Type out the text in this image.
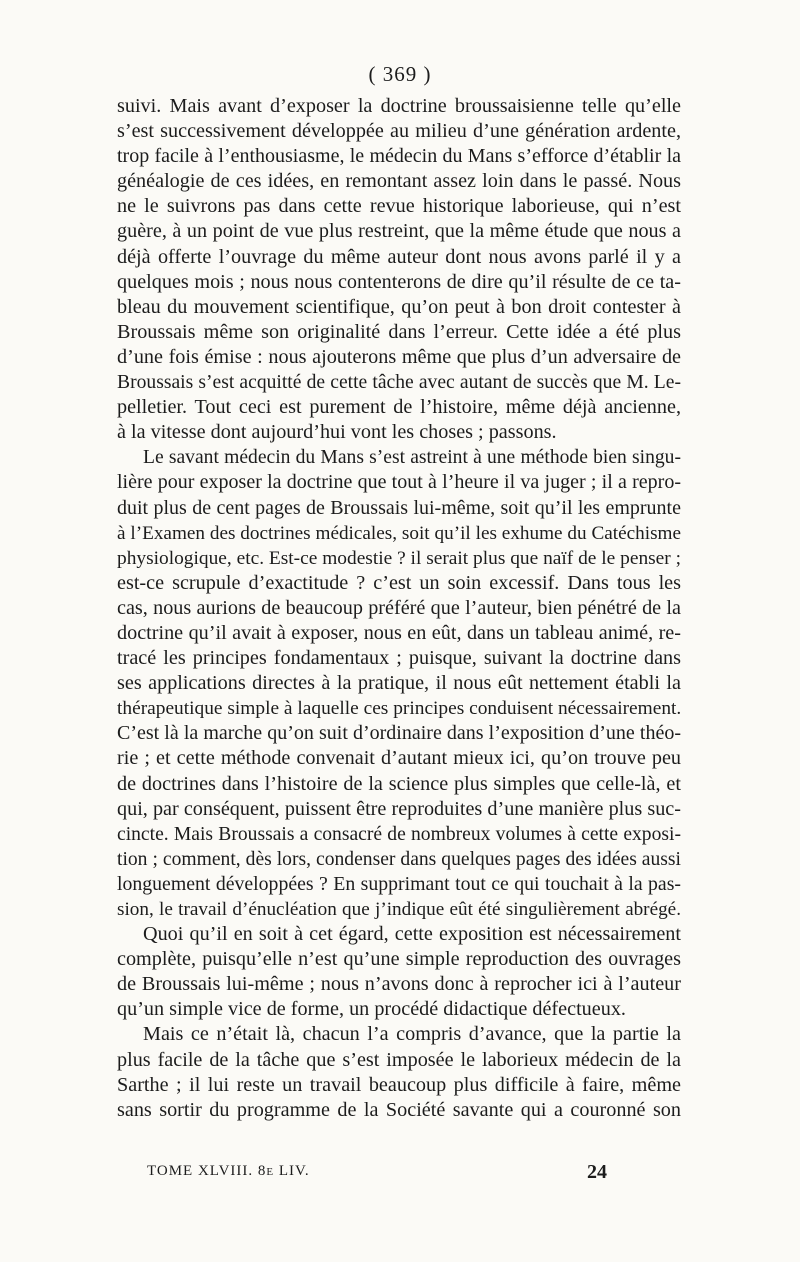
( 369 )
suivi. Mais avant d’exposer la doctrine broussaisienne telle qu’elle
s’est successivement développée au milieu d’une génération ardente,
trop facile à l’enthousiasme, le médecin du Mans s’efforce d’établir la
généalogie de ces idées, en remontant assez loin dans le passé. Nous
ne le suivrons pas dans cette revue historique laborieuse, qui n’est
guère, à un point de vue plus restreint, que la même étude que nous a
déjà offerte l’ouvrage du même auteur dont nous avons parlé il y a
quelques mois ; nous nous contenterons de dire qu’il résulte de ce ta-
bleau du mouvement scientifique, qu’on peut à bon droit contester à
Broussais même son originalité dans l’erreur. Cette idée a été plus
d’une fois émise : nous ajouterons même que plus d’un adversaire de
Broussais s’est acquitté de cette tâche avec autant de succès que M. Le-
pelletier. Tout ceci est purement de l’histoire, même déjà ancienne,
à la vitesse dont aujourd’hui vont les choses ; passons.
Le savant médecin du Mans s’est astreint à une méthode bien singu-
lière pour exposer la doctrine que tout à l’heure il va juger ; il a repro-
duit plus de cent pages de Broussais lui-même, soit qu’il les emprunte
à l’Examen des doctrines médicales, soit qu’il les exhume du Catéchisme
physiologique, etc. Est-ce modestie ? il serait plus que naïf de le penser ;
est-ce scrupule d’exactitude ? c’est un soin excessif. Dans tous les
cas, nous aurions de beaucoup préféré que l’auteur, bien pénétré de la
doctrine qu’il avait à exposer, nous en eût, dans un tableau animé, re-
tracé les principes fondamentaux ; puisque, suivant la doctrine dans
ses applications directes à la pratique, il nous eût nettement établi la
thérapeutique simple à laquelle ces principes conduisent nécessairement.
C’est là la marche qu’on suit d’ordinaire dans l’exposition d’une théo-
rie ; et cette méthode convenait d’autant mieux ici, qu’on trouve peu
de doctrines dans l’histoire de la science plus simples que celle-là, et
qui, par conséquent, puissent être reproduites d’une manière plus suc-
cincte. Mais Broussais a consacré de nombreux volumes à cette exposi-
tion ; comment, dès lors, condenser dans quelques pages des idées aussi
longuement développées ? En supprimant tout ce qui touchait à la pas-
sion, le travail d’énucléation que j’indique eût été singulièrement abrégé.
Quoi qu’il en soit à cet égard, cette exposition est nécessairement
complète, puisqu’elle n’est qu’une simple reproduction des ouvrages
de Broussais lui-même ; nous n’avons donc à reprocher ici à l’auteur
qu’un simple vice de forme, un procédé didactique défectueux.
Mais ce n’était là, chacun l’a compris d’avance, que la partie la
plus facile de la tâche que s’est imposée le laborieux médecin de la
Sarthe ; il lui reste un travail beaucoup plus difficile à faire, même
sans sortir du programme de la Société savante qui a couronné son
TOME XLVIII. 8e LIV.	24
